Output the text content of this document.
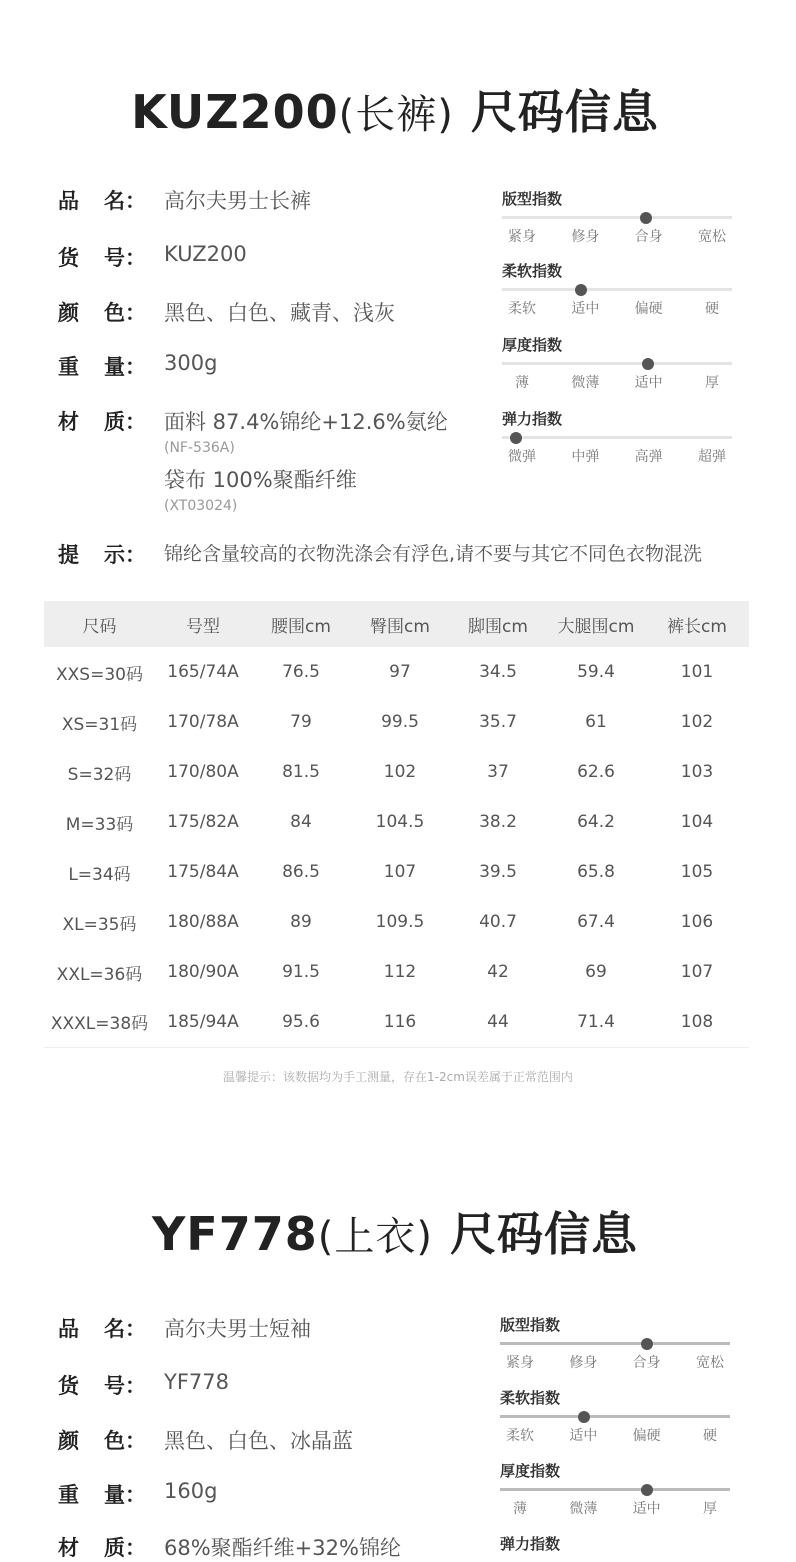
KUZ200(长裤) 尺码信息
品 名： 高尔夫男士长裤
货 号： KUZ200
颜 色： 黑色、白色、藏青、浅灰
重 量： 300g
材 质： 面料 87.4%锦纶+12.6%氨纶
(NF-536A)
袋布 100%聚酯纤维
(XT03024)
提 示： 锦纶含量较高的衣物洗涤会有浮色,请不要与其它不同色衣物混洗
版型指数
紧身	修身	合身	宽松
柔软指数
柔软	适中	偏硬	硬
厚度指数
薄	微薄	适中	厚
弹力指数
微弹	中弹	高弹	超弹
尺码	号型	腰围cm	臀围cm	脚围cm	大腿围cm	裤长cm
XXS=30码	165/74A	76.5	97	34.5	59.4	101
XS=31码	170/78A	79	99.5	35.7	61	102
S=32码	170/80A	81.5	102	37	62.6	103
M=33码	175/82A	84	104.5	38.2	64.2	104
L=34码	175/84A	86.5	107	39.5	65.8	105
XL=35码	180/88A	89	109.5	40.7	67.4	106
XXL=36码	180/90A	91.5	112	42	69	107
XXXL=38码	185/94A	95.6	116	44	71.4	108
温馨提示：该数据均为手工测量，存在1-2cm误差属于正常范围内
YF778(上衣) 尺码信息
品 名： 高尔夫男士短袖
货 号： YF778
颜 色： 黑色、白色、冰晶蓝
重 量： 160g
材 质： 68%聚酯纤维+32%锦纶
版型指数
紧身	修身	合身	宽松
柔软指数
柔软	适中	偏硬	硬
厚度指数
薄	微薄	适中	厚
弹力指数
